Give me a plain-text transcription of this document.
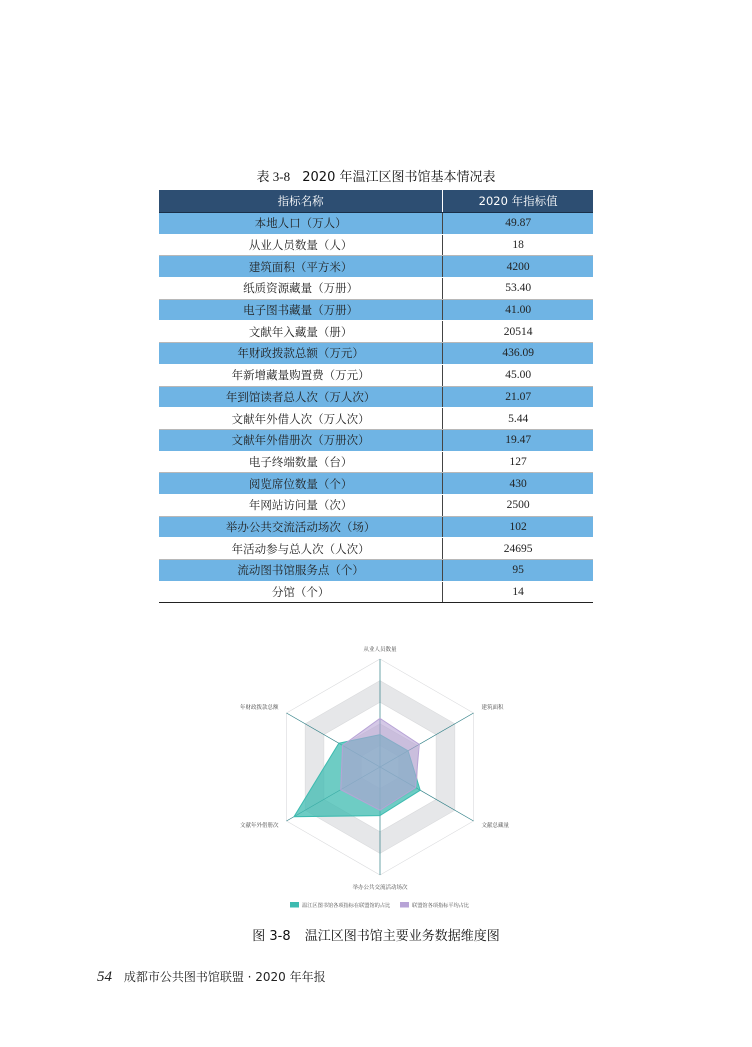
表 3-8 2020 年温江区图书馆基本情况表
指标名称	2020 年指标值
本地人口（万人）	49.87
从业人员数量（人）	18
建筑面积（平方米）	4200
纸质资源藏量（万册）	53.40
电子图书藏量（万册）	41.00
文献年入藏量（册）	20514
年财政拨款总额（万元）	436.09
年新增藏量购置费（万元）	45.00
年到馆读者总人次（万人次）	21.07
文献年外借人次（万人次）	5.44
文献年外借册次（万册次）	19.47
电子终端数量（台）	127
阅览席位数量（个）	430
年网站访问量（次）	2500
举办公共交流活动场次（场）	102
年活动参与总人次（人次）	24695
流动图书馆服务点（个）	95
分馆（个）	14
从业人员数量
建筑面积
文献总藏量
举办公共交流活动场次
文献年外借册次
年财政拨款总额
温江区图书馆各项指标在联盟馆的占比	联盟馆各项指标平均占比
图 3-8 温江区图书馆主要业务数据维度图
54 成都市公共图书馆联盟 · 2020 年年报
